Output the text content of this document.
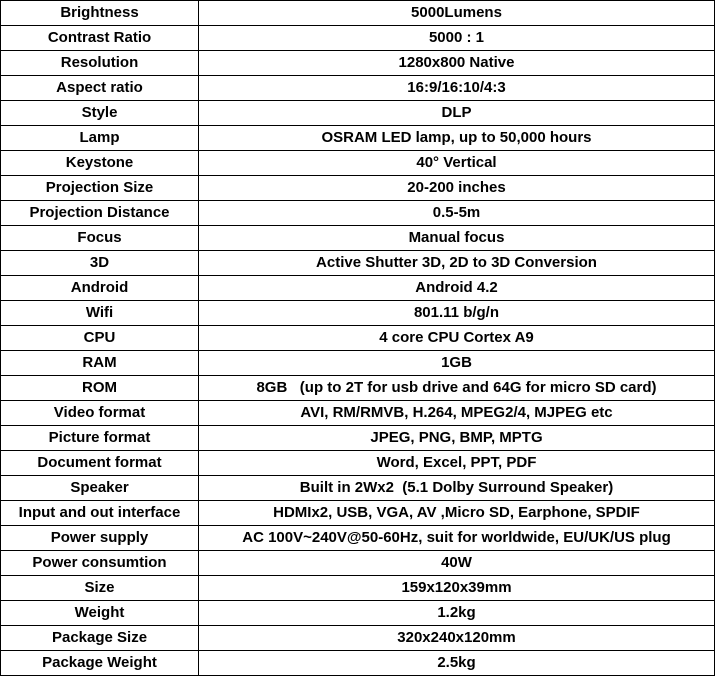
Brightness	5000Lumens
Contrast Ratio	5000 : 1
Resolution	1280x800 Native
Aspect ratio	16:9/16:10/4:3
Style	DLP
Lamp	OSRAM LED lamp, up to 50,000 hours
Keystone	40° Vertical
Projection Size	20-200 inches
Projection Distance	0.5-5m
Focus	Manual focus
3D	Active Shutter 3D, 2D to 3D Conversion
Android	Android 4.2
Wifi	801.11 b/g/n
CPU	4 core CPU Cortex A9
RAM	1GB
ROM	8GB   (up to 2T for usb drive and 64G for micro SD card)
Video format	AVI, RM/RMVB, H.264, MPEG2/4, MJPEG etc
Picture format	JPEG, PNG, BMP, MPTG
Document format	Word, Excel, PPT, PDF
Speaker	Built in 2Wx2  (5.1 Dolby Surround Speaker)
Input and out interface	HDMIx2, USB, VGA, AV ,Micro SD, Earphone, SPDIF
Power supply	AC 100V~240V@50-60Hz, suit for worldwide, EU/UK/US plug
Power consumtion	40W
Size	159x120x39mm
Weight	1.2kg
Package Size	320x240x120mm
Package Weight	2.5kg
